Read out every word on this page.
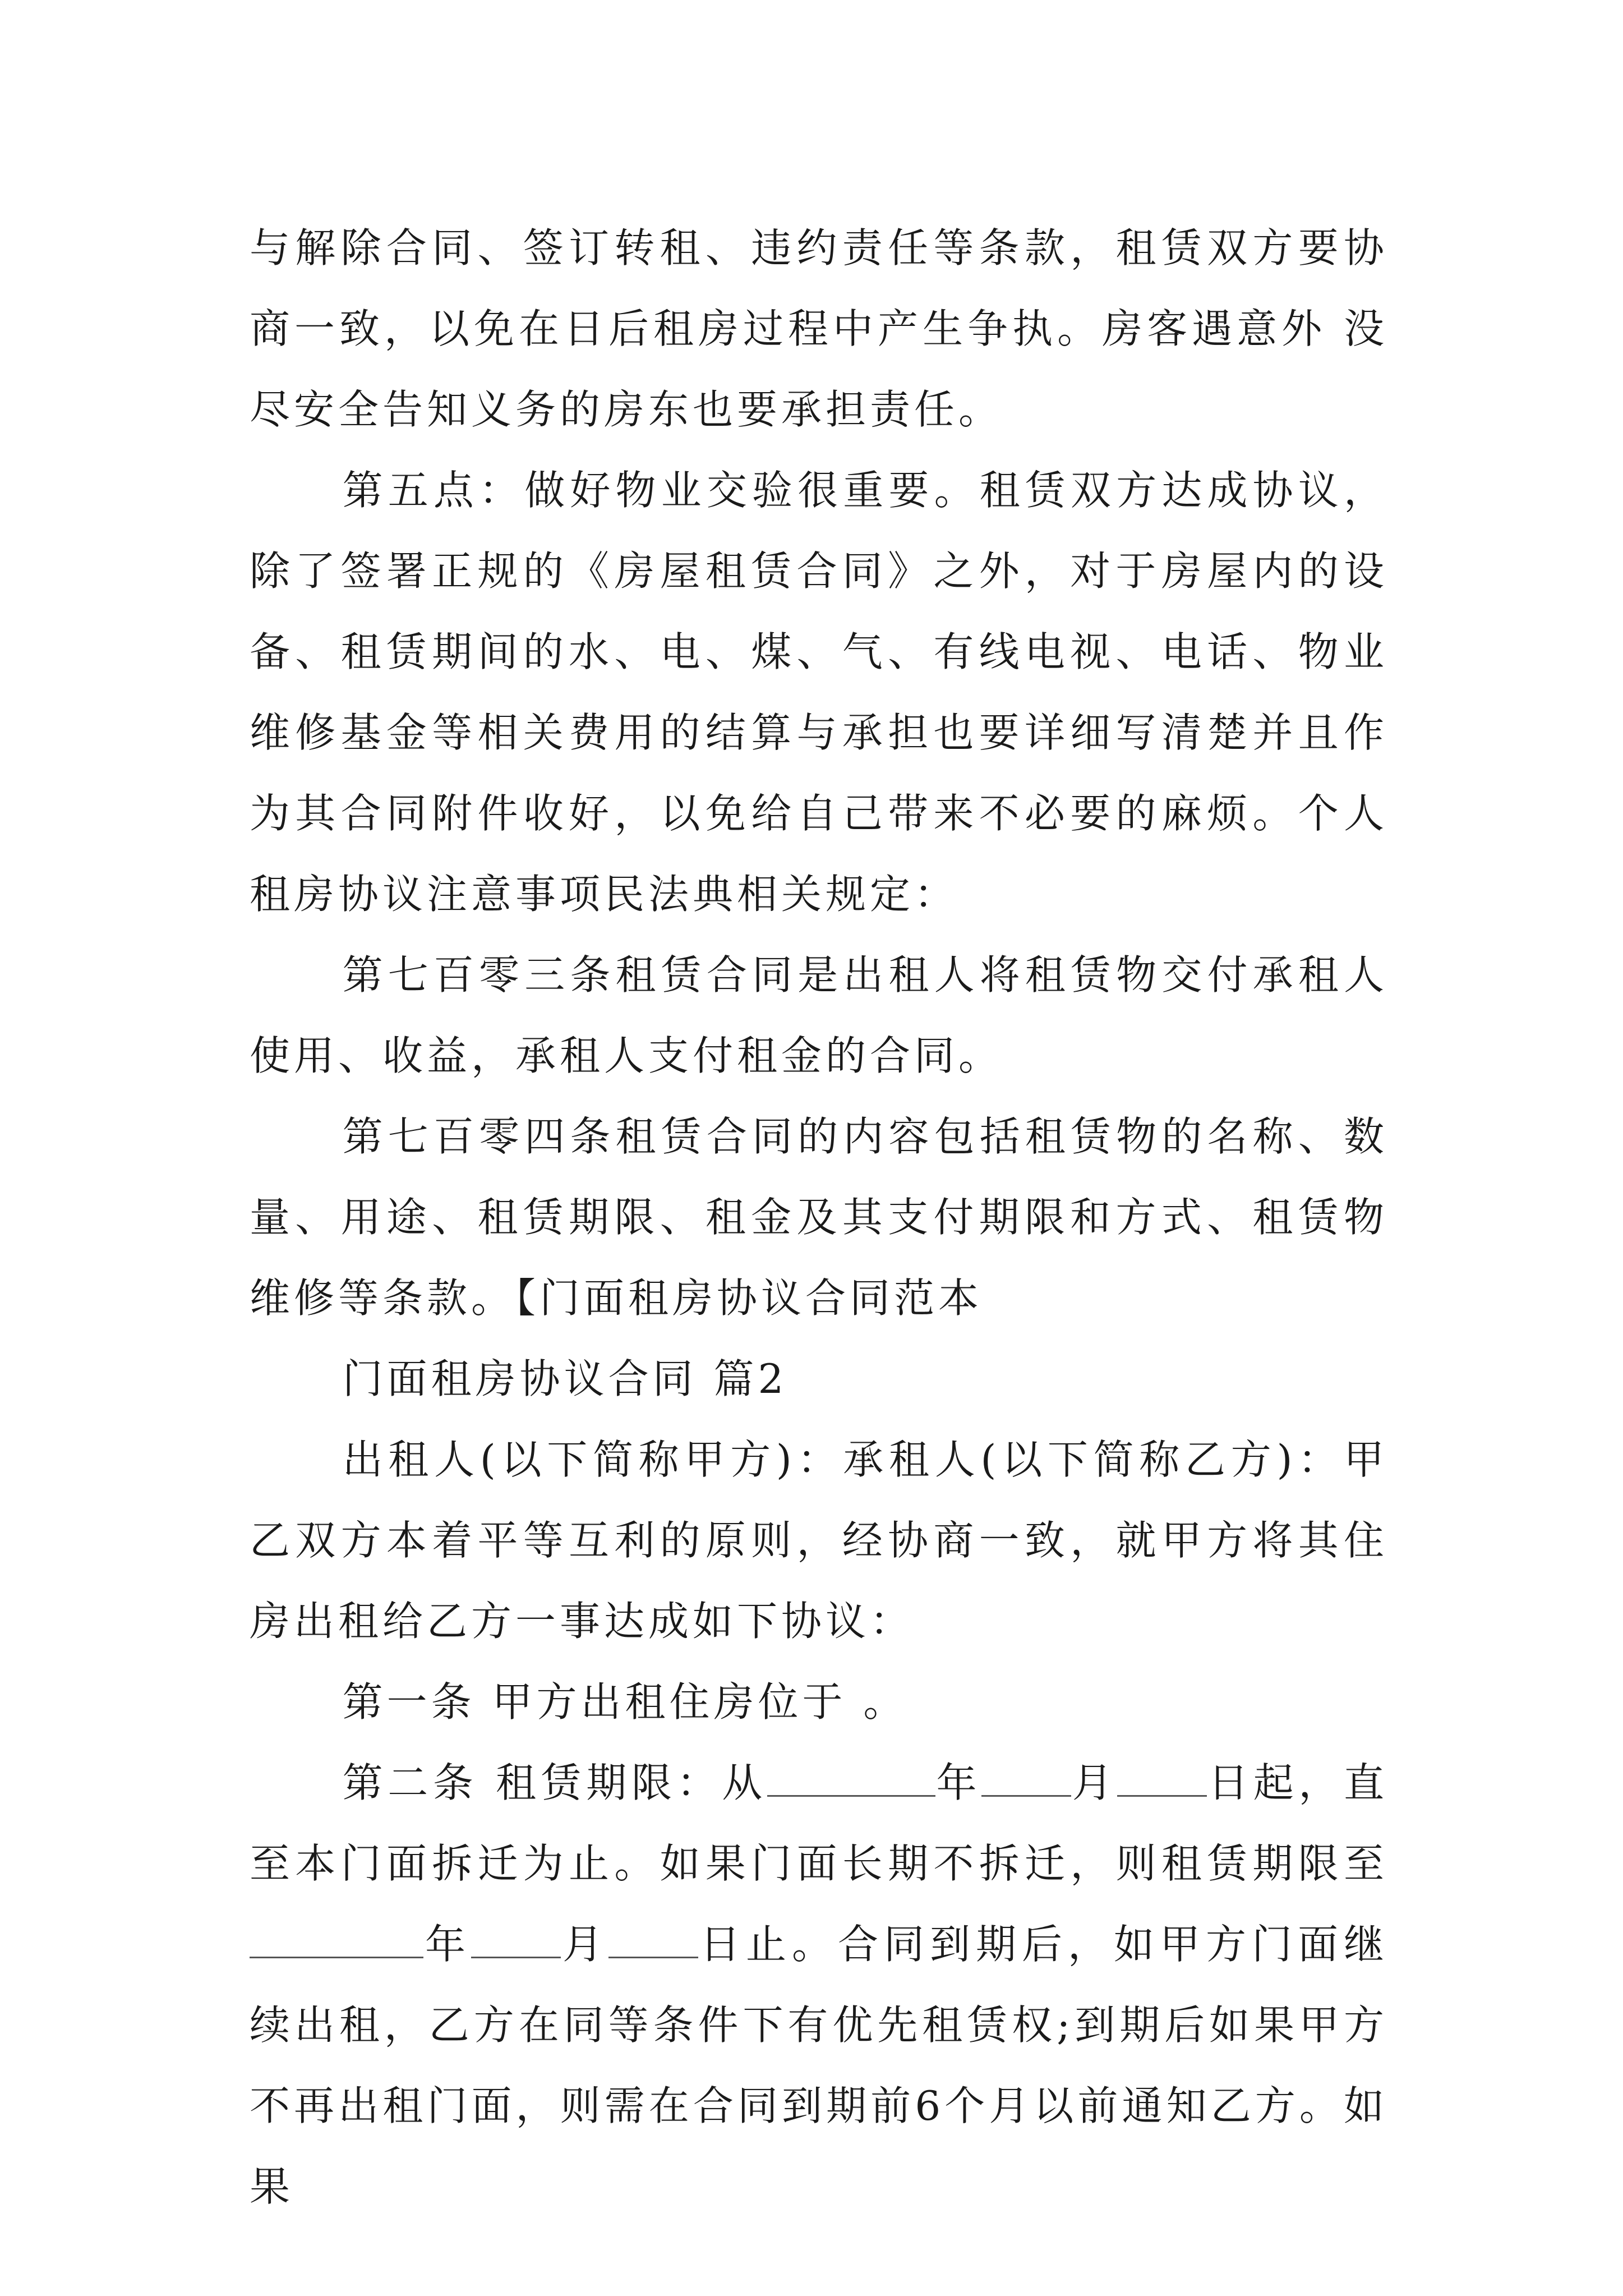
与解除合同、签订转租、违约责任等条款，租赁双方要协商一致，以免在日后租房过程中产生争执。房客遇意外 没尽安全告知义务的房东也要承担责任。

第五点：做好物业交验很重要。租赁双方达成协议，除了签署正规的《房屋租赁合同》之外，对于房屋内的设备、租赁期间的水、电、煤、气、有线电视、电话、物业维修基金等相关费用的结算与承担也要详细写清楚并且作为其合同附件收好，以免给自己带来不必要的麻烦。个人租房协议注意事项民法典相关规定：

第七百零三条租赁合同是出租人将租赁物交付承租人使用、收益，承租人支付租金的合同。

第七百零四条租赁合同的内容包括租赁物的名称、数量、用途、租赁期限、租金及其支付期限和方式、租赁物维修等条款。【门面租房协议合同范本

门面租房协议合同 篇2

出租人(以下简称甲方)：承租人(以下简称乙方)：甲乙双方本着平等互利的原则，经协商一致，就甲方将其住房出租给乙方一事达成如下协议：

第一条 甲方出租住房位于 。

第二条 租赁期限：从	年 月 日起，直至本门面拆迁为止。如果门面长期不拆迁，则租赁期限至年 月 日止。合同到期后，如甲方门面继续出租，乙方在同等条件下有优先租赁权;到期后如果甲方不再出租门面，则需在合同到期前6个月以前通知乙方。如果
